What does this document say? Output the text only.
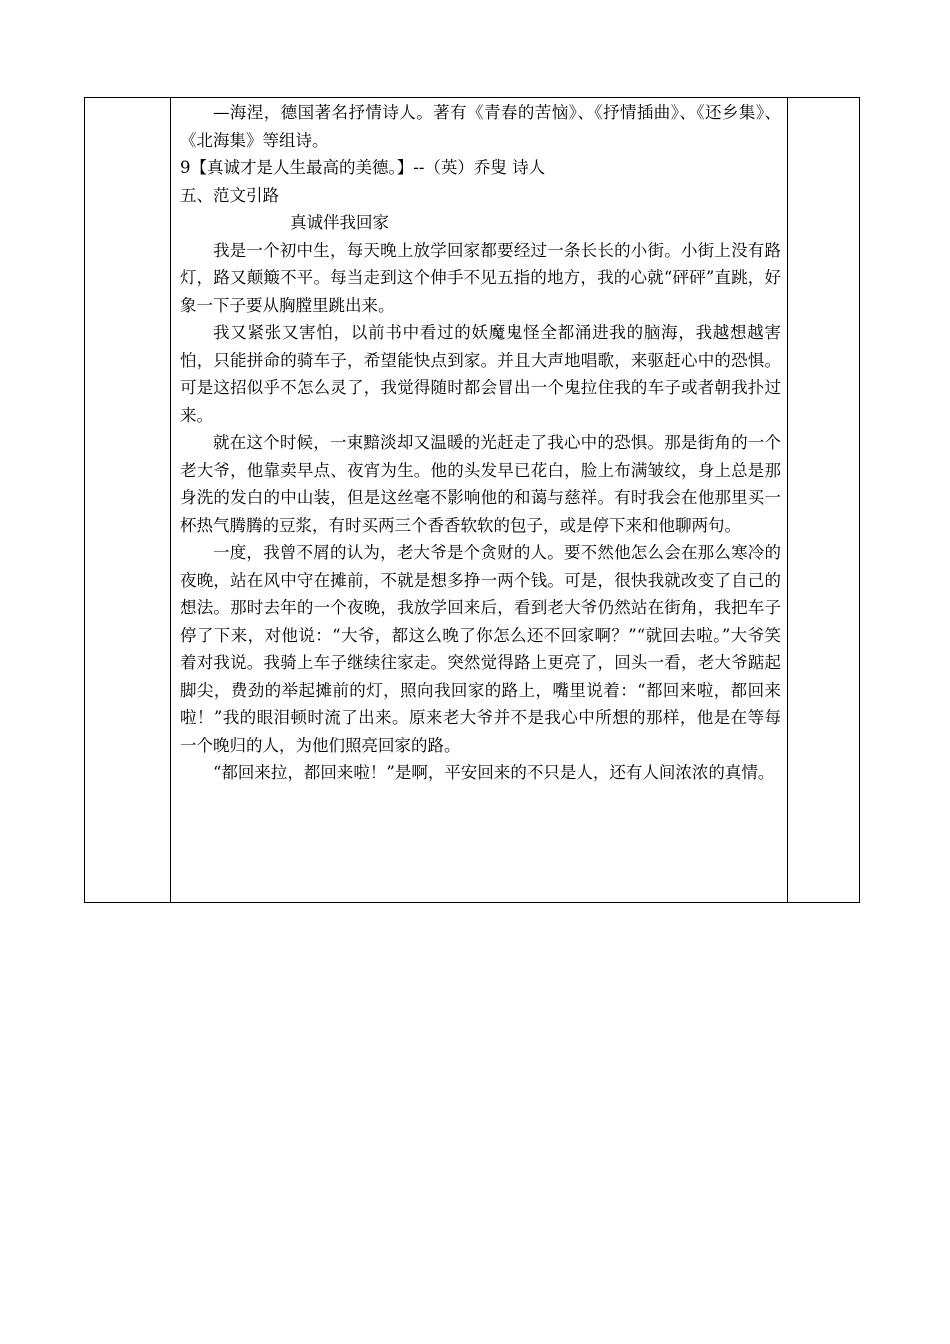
—海涅，德国著名抒情诗人。著有《青春的苦恼》、《抒情插曲》、《还乡集》、《北海集》等组诗。

9【真诚才是人生最高的美德。】--（英）乔叟 诗人

五、范文引路

真诚伴我回家

我是一个初中生，每天晚上放学回家都要经过一条长长的小街。小街上没有路灯，路又颠簸不平。每当走到这个伸手不见五指的地方，我的心就“砰砰”直跳，好象一下子要从胸膛里跳出来。

我又紧张又害怕，以前书中看过的妖魔鬼怪全都涌进我的脑海，我越想越害怕，只能拼命的骑车子，希望能快点到家。并且大声地唱歌，来驱赶心中的恐惧。可是这招似乎不怎么灵了，我觉得随时都会冒出一个鬼拉住我的车子或者朝我扑过来。

就在这个时候，一束黯淡却又温暖的光赶走了我心中的恐惧。那是街角的一个老大爷，他靠卖早点、夜宵为生。他的头发早已花白，脸上布满皱纹，身上总是那身洗的发白的中山装，但是这丝毫不影响他的和蔼与慈祥。有时我会在他那里买一杯热气腾腾的豆浆，有时买两三个香香软软的包子，或是停下来和他聊两句。

一度，我曾不屑的认为，老大爷是个贪财的人。要不然他怎么会在那么寒冷的夜晚，站在风中守在摊前，不就是想多挣一两个钱。可是，很快我就改变了自己的想法。那时去年的一个夜晚，我放学回来后，看到老大爷仍然站在街角，我把车子停了下来，对他说：“大爷，都这么晚了你怎么还不回家啊？”“就回去啦。”大爷笑着对我说。我骑上车子继续往家走。突然觉得路上更亮了，回头一看，老大爷踮起脚尖，费劲的举起摊前的灯，照向我回家的路上，嘴里说着：“都回来啦，都回来啦！”我的眼泪顿时流了出来。原来老大爷并不是我心中所想的那样，他是在等每一个晚归的人，为他们照亮回家的路。

“都回来拉，都回来啦！”是啊，平安回来的不只是人，还有人间浓浓的真情。
